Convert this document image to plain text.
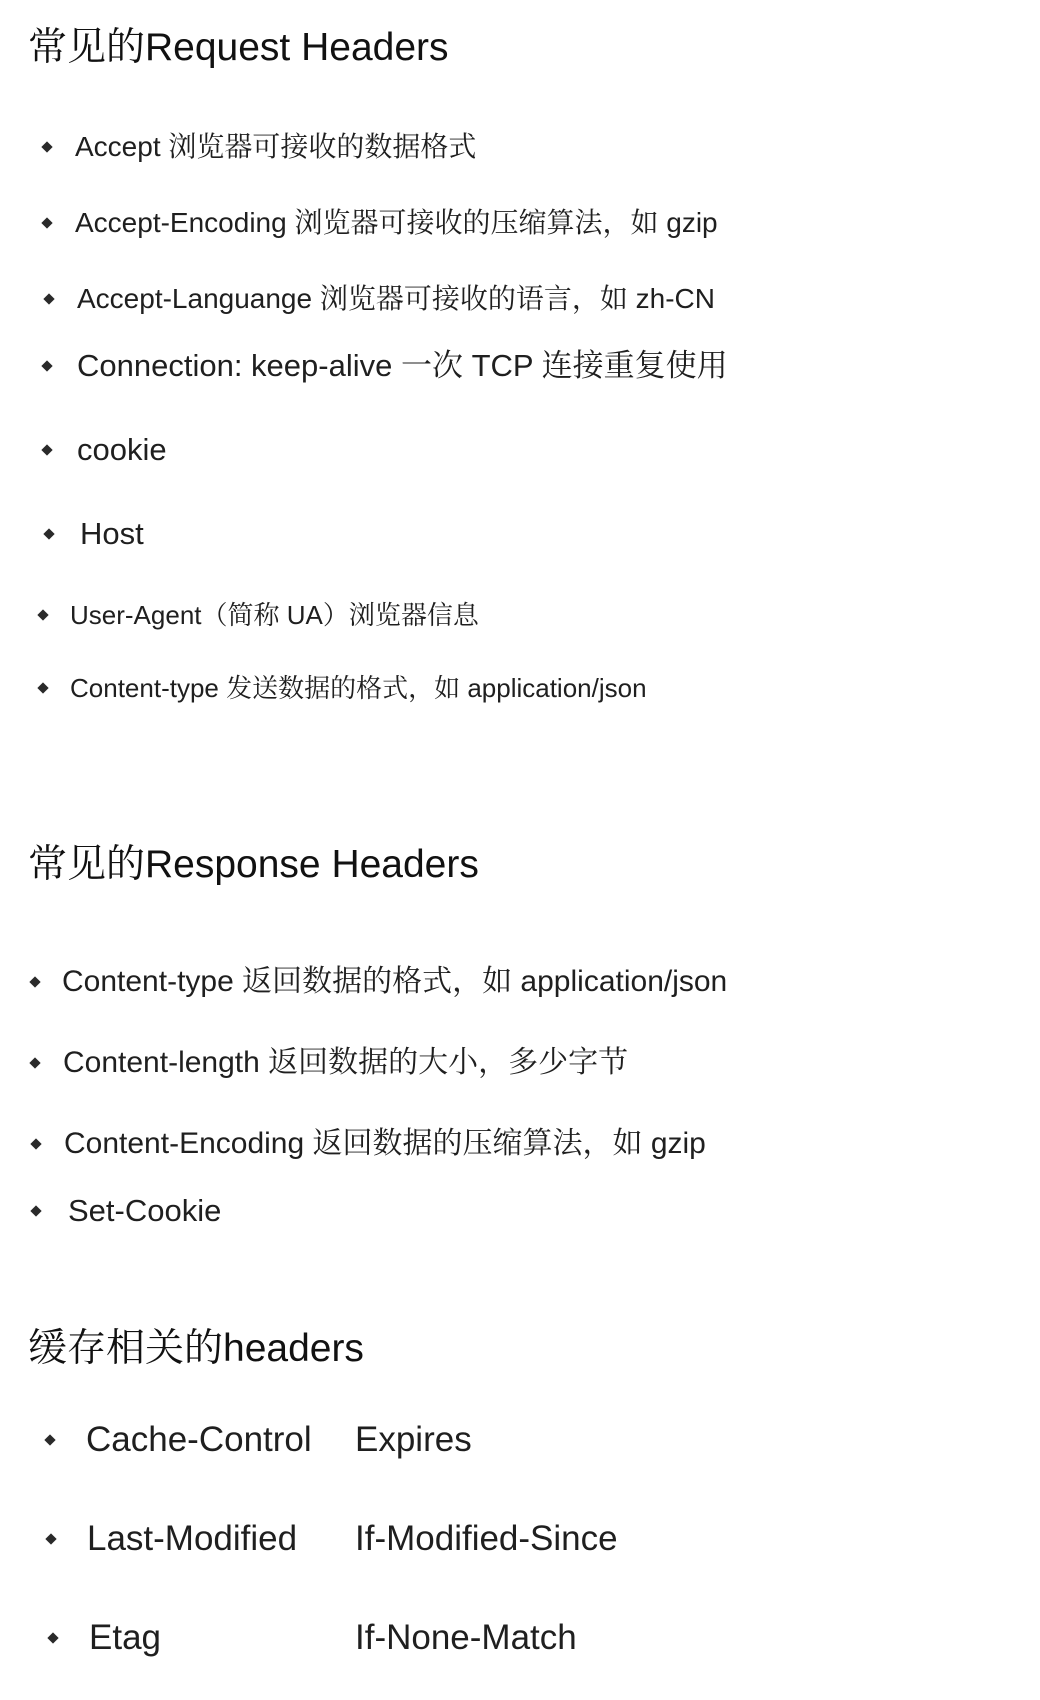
常见的Request Headers
Accept 浏览器可接收的数据格式
Accept-Encoding 浏览器可接收的压缩算法，如 gzip
Accept-Languange 浏览器可接收的语言，如 zh-CN
Connection: keep-alive 一次 TCP 连接重复使用
cookie
Host
User-Agent（简称 UA）浏览器信息
Content-type 发送数据的格式，如 application/json
常见的Response Headers
Content-type 返回数据的格式，如 application/json
Content-length 返回数据的大小，多少字节
Content-Encoding 返回数据的压缩算法，如 gzip
Set-Cookie
缓存相关的headers
Cache-Control Expires
Last-Modified If-Modified-Since
Etag	If-None-Match
